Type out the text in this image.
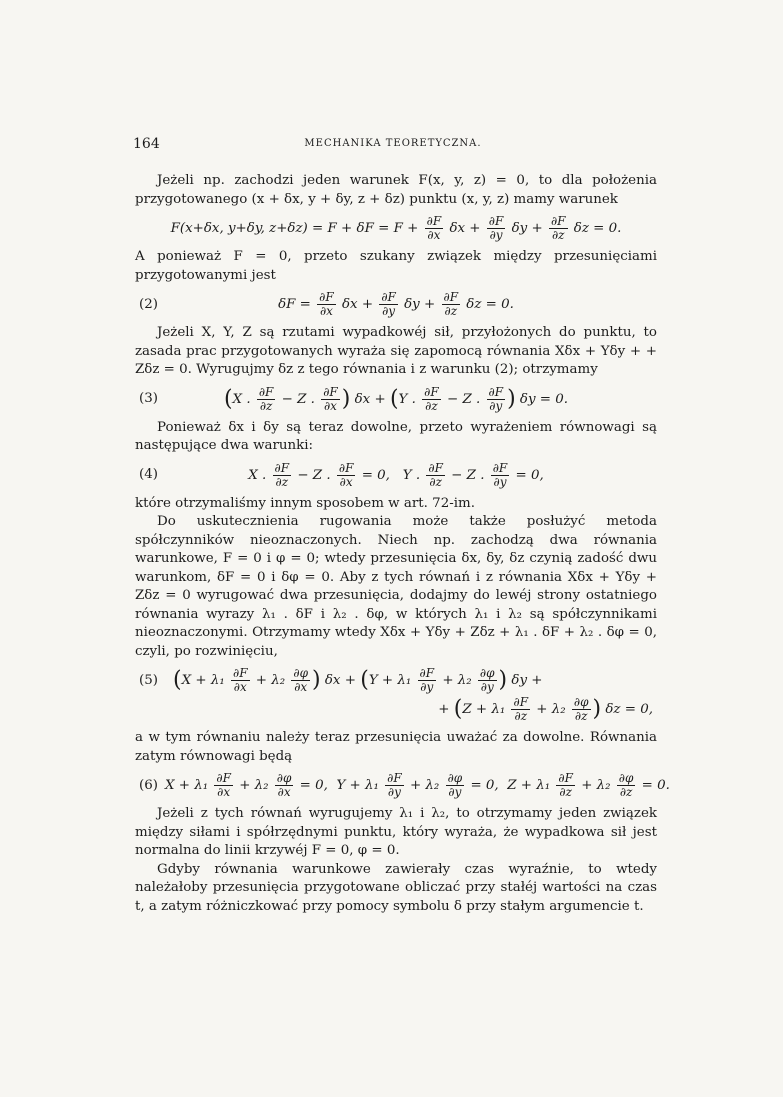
164	MECHANIKA TEORETYCZNA.

Jeżeli np. zachodzi jeden warunek F(x, y, z) = 0, to dla położenia przygotowanego (x + δx, y + δy, z + δz) punktu (x, y, z) mamy warunek

F(x+δx, y+δy, $z+\delta z) = F + \delta F = F + \frac{\partial F}{\partial x}$ $\delta x + \frac{\partial F}{\partial y}$ $\delta y + \frac{\partial F}{\partial z}$ δz = 0.

A ponieważ F = 0, przeto szukany związek między przesunięciami przygotowanymi jest

(2)	$\delta F = \frac{\partial F}{\partial x}$ $\delta x + \frac{\partial F}{\partial y}$ $\delta y + \frac{\partial F}{\partial z}$ δz = 0.

Jeżeli X, Y, Z są rzutami wypadkowéj sił, przyłożonych do punktu, to zasada prac przygotowanych wyraża się zapomocą równania Xδx + Yδy + + Zδz = 0. Wyrugujmy δz z tego równania i z warunku (2); otrzymamy

(3)	(X . $\frac{\partial F}{\partial z} - Z$ . $\frac{\partial F}{\partial x}$ ) δx + (Y . $\frac{\partial F}{\partial z} - Z$ . $\frac{\partial F}{\partial y}$ ) δy = 0.

Ponieważ δx i δy są teraz dowolne, przeto wyrażeniem równowagi są następujące dwa warunki:

(4)	X . $\frac{\partial F}{\partial z} - Z$ . $\frac{\partial F}{\partial x} = 0$, Y . $\frac{\partial F}{\partial z} - Z$ . $\frac{\partial F}{\partial y} = 0$,

które otrzymaliśmy innym sposobem w art. 72-im.

Do uskutecznienia rugowania może także posłużyć metoda spółczynników nieoznaczonych. Niech np. zachodzą dwa równania warunkowe, F = 0 i φ = 0; wtedy przesunięcia δx, δy, δz czynią zadość dwu warunkom, δF = 0 i δφ = 0. Aby z tych równań i z równania Xδx + Yδy + Zδz = 0 wyrugować dwa przesunięcia, dodajmy do lewéj strony ostatniego równania wyrazy λ₁ . δF i λ₂ . δφ, w których λ₁ i λ₂ są spółczynnikami nieoznaczonymi. Otrzymamy wtedy Xδx + Yδy + Zδz + λ₁ . δF + λ₂ . δφ = 0, czyli, po rozwinięciu,

(5) ($X + \lambda_1 \frac{\partial F}{\partial x} + \lambda_2 \frac{\partial\varphi}{\partial x}$ ) $\delta x + (Y + \lambda_1 \frac{\partial F}{\partial y} + \lambda_2 \frac{\partial\varphi}{\partial y}$ ) δy +
+ ($Z + \lambda_1 \frac{\partial F}{\partial z} + \lambda_2 \frac{\partial\varphi}{\partial z}$ ) δz = 0,

a w tym równaniu należy teraz przesunięcia uważać za dowolne. Równania zatym równowagi będą

(6) $X + \lambda_1 \frac{\partial F}{\partial x} + \lambda_2 \frac{\partial\varphi}{\partial x} = 0$, $Y + \lambda_1 \frac{\partial F}{\partial y} + \lambda_2 \frac{\partial\varphi}{\partial y} = 0$, $Z + \lambda_1 \frac{\partial F}{\partial z} + \lambda_2 \frac{\partial\varphi}{\partial z} = 0$.

Jeżeli z tych równań wyrugujemy λ₁ i λ₂, to otrzymamy jeden związek między siłami i spółrzędnymi punktu, który wyraża, że wypadkowa sił jest normalna do linii krzywéj F = 0, φ = 0.

Gdyby równania warunkowe zawierały czas wyraźnie, to wtedy należałoby przesunięcia przygotowane obliczać przy stałéj wartości na czas t, a zatym różniczkować przy pomocy symbolu δ przy stałym argumencie t.
